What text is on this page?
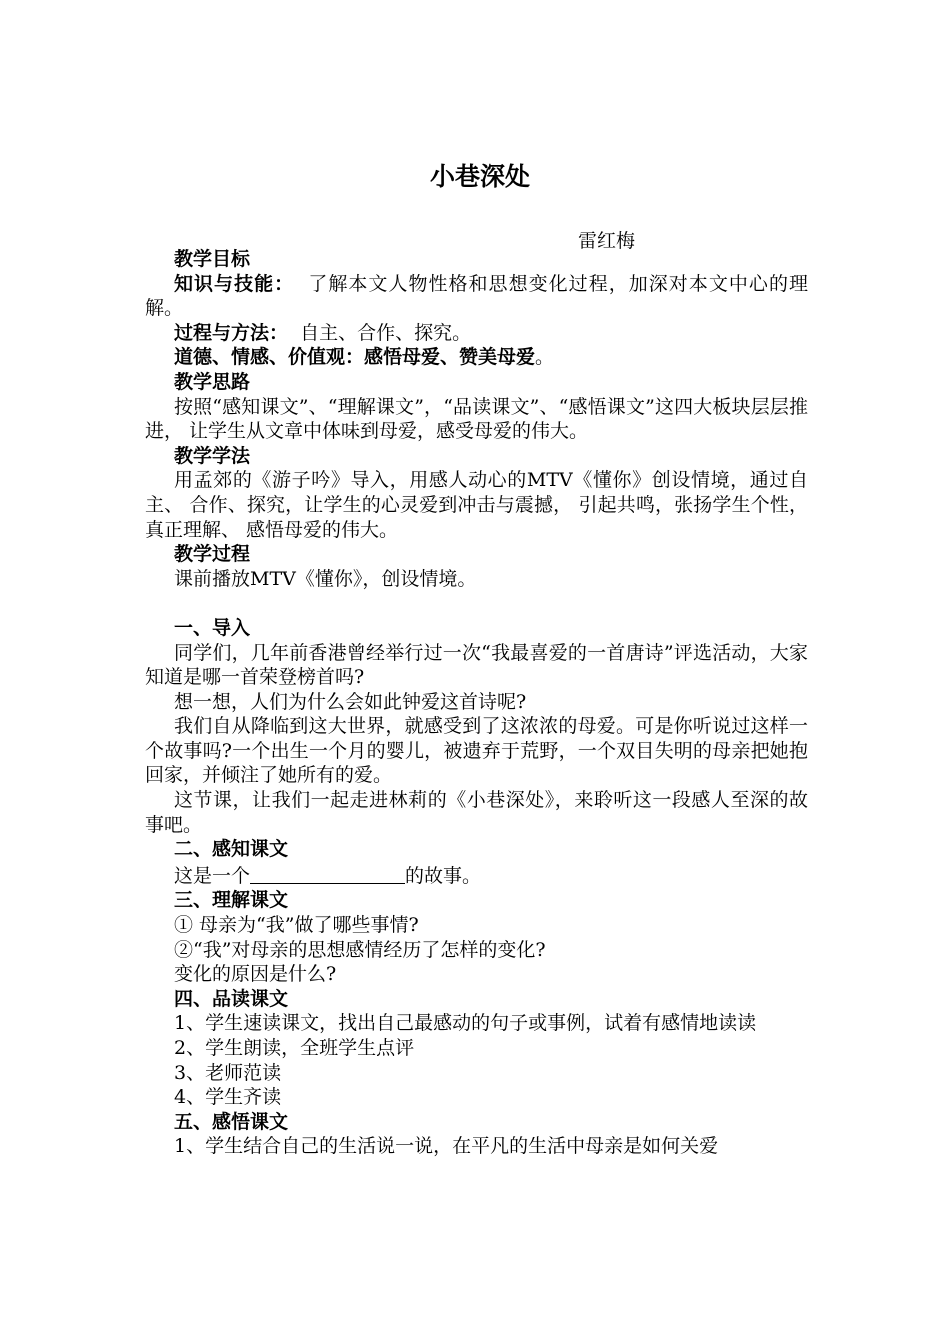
小巷深处
雷红梅

教学目标

知识与技能： 了解本文人物性格和思想变化过程，加深对本文中心的理解。

过程与方法： 自主、合作、探究。

道德、情感、价值观：感悟母爱、赞美母爱。

教学思路

按照“感知课文”、“理解课文”，“品读课文”、“感悟课文”这四大板块层层推进， 让学生从文章中体味到母爱，感受母爱的伟大。

教学学法

用孟郊的《游子吟》导入，用感人动心的MTV《懂你》创设情境，通过自主、 合作、探究，让学生的心灵爱到冲击与震撼， 引起共鸣，张扬学生个性，真正理解、 感悟母爱的伟大。

教学过程

课前播放MTV《懂你》，创设情境。

一、导入

同学们，几年前香港曾经举行过一次“我最喜爱的一首唐诗”评选活动，大家知道是哪一首荣登榜首吗?

想一想，人们为什么会如此钟爱这首诗呢?

我们自从降临到这大世界，就感受到了这浓浓的母爱。可是你听说过这样一个故事吗?一个出生一个月的婴儿，被遗弃于荒野，一个双目失明的母亲把她抱回家，并倾注了她所有的爱。

这节课，让我们一起走进林莉的《小巷深处》，来聆听这一段感人至深的故事吧。

二、感知课文

这是一个	的故事。

三、理解课文

① 母亲为“我”做了哪些事情?

②“我”对母亲的思想感情经历了怎样的变化?

变化的原因是什么?

四、品读课文

1、学生速读课文，找出自己最感动的句子或事例，试着有感情地读读

2、学生朗读，全班学生点评

3、老师范读

4、学生齐读

五、感悟课文

1、学生结合自己的生活说一说，在平凡的生活中母亲是如何关爱
